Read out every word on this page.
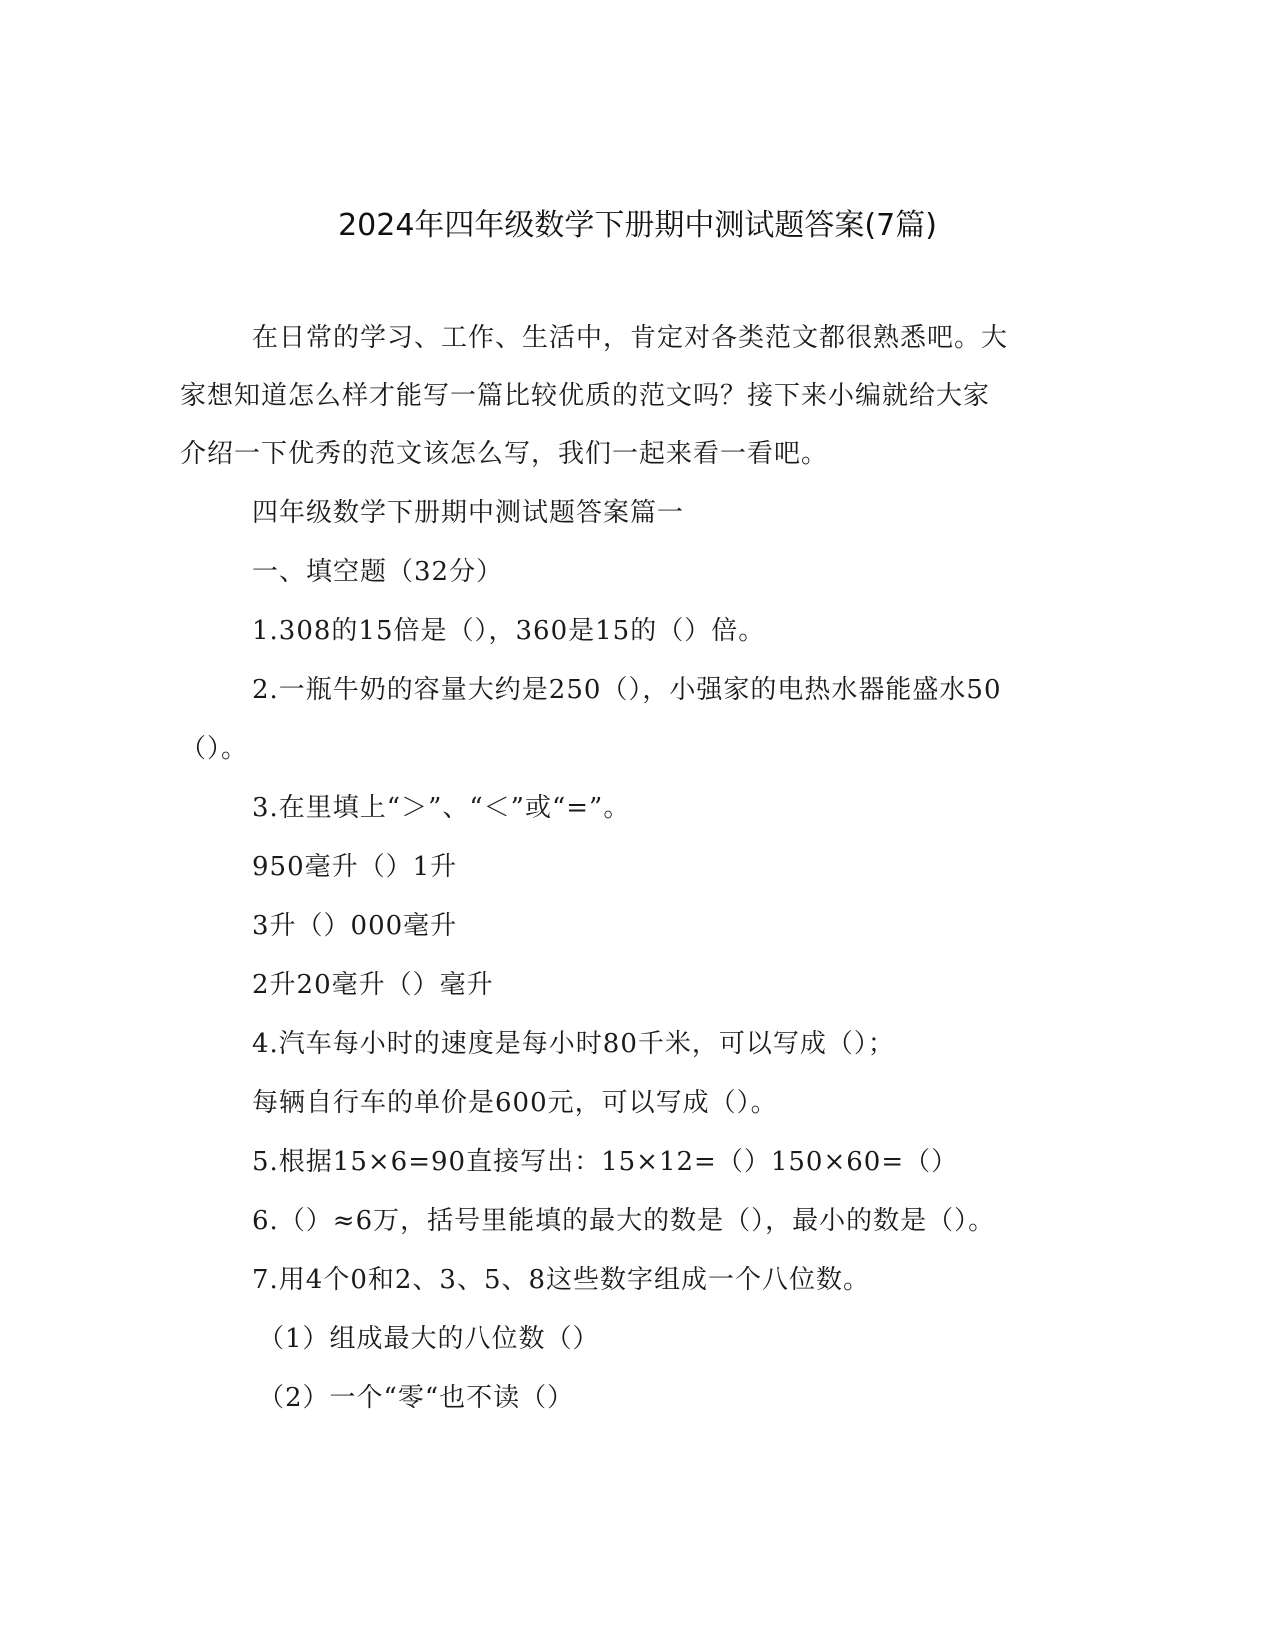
2024年四年级数学下册期中测试题答案(7篇)
在日常的学习、工作、生活中，肯定对各类范文都很熟悉吧。大
家想知道怎么样才能写一篇比较优质的范文吗？接下来小编就给大家
介绍一下优秀的范文该怎么写，我们一起来看一看吧。
四年级数学下册期中测试题答案篇一
一、填空题（32分）
1.308的15倍是（），360是15的（）倍。
2.一瓶牛奶的容量大约是250（），小强家的电热水器能盛水50
（）。
3.在里填上“＞”、“＜”或“=”。
950毫升（）1升
3升（）000毫升
2升20毫升（）毫升
4.汽车每小时的速度是每小时80千米，可以写成（）；
每辆自行车的单价是600元，可以写成（）。
5.根据15×6=90直接写出：15×12=（）150×60=（）
6.（）≈6万，括号里能填的最大的数是（），最小的数是（）。
7.用4个0和2、3、5、8这些数字组成一个八位数。
（1）组成最大的八位数（）
（2）一个“零“也不读（）
